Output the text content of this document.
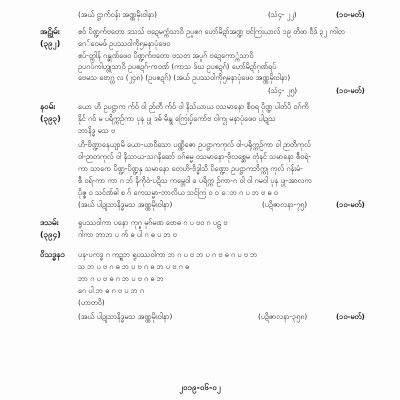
(အယ် ဋ္ဌာက်ဝန်း အဏ္ဏမိုးဝါနာ)	(သံ၄- ၂၂)	(၁၀-မတ်)
အဠိုမ်း
(၃၉၂)
ဧဝ် ပိဏ္ဍက်ဗတော ဒသသ် ဗဍေမက္ကံသာ၀ိ ဥပ္ပၜဂ ဟော်မိဍာ်အဏ္ဍ ဗၚ်ကြးယာလ် ၁၉ တိဖာ ဝဵဒ် ၃၂ ကါတ
ဂေ်၀ေမဖ် ဥပဿဝါကို၅မနာပုံဖေ၀
ဧပ်-တ္ကါန် ဂန္ဓုဏ်ဖေ၀ ပိဏ္ဍက်ဗတော ဗသတ အပူဂ် ဗဍေကော္ကံသာ၀ိ
ဥပဂပ်ကါဟွူသာဝိ ဥပၜဍဂ်-ဂာ၀ဏ် (ကာသ ဒ်ဃ ဥပၜဍဂ်) ဟော်မိဍာ်ဂုဏ်ရပ်
ဗေမသ ဗောဂ္ဃ လ (၂၄၈) (ဥပၜဍဂ်) (အယ် ဥပဿဝါကို၅မနာပုံဖေ၀ အဏ္ဏမိုးဝါနာ)
(သံ၄- ၂၅)	(၁၀-မတ်)
နဝမ်း
(၃၉၃)
ယော ဟိ ဥပဋ္ဌာက က်ဝ် ဝါ ဉာ်တီ က်ဝ် ဝါ နိသ်ယာယ ဝသမာနော စီဝရ ပိုဏ္ဍ ပါတ်ပိ ဝဂ်ကိ
နိုင် ဂဝ် မ ပရိက္ကဉ်ကာ ပုန ပ္ပု ဒဓ် မိန္ဒု ကြေးပၞ်ကော်ဗ ဝါကၠု မနာပုံဖေ၀ ပါဍုသ
ဘာနိဒ္ဓ မသ ဗ
ဟိ-ဗိဏ္ဍာနေယျာမိ ယော-ယာဝိသော ပဏ္ဏိဇော ဥပဋ္ဌာကကုလ် ဝါ-ပရိုက္ကဉ်ကာ ဝါ ဉာတိကုလ်
ဝါ-ဉာတကုလ် ဝါ နိသာယ-သဂနိဆော် ဝဂ်ဓမ္မ ဝသမာနော-ဗိုလစ္ဆေမ တုံနင် သမာနော စီဝရဲ-
ကာ သာဂော ပိဏ္ဍ-ပိဏ္ဍနု သမာနော တေဟိ-ဗိဒ္ဓါသိ ပိဏ္ဍော ဥပဋ္ဌာကဘိက္ကု ကုလ် ဂန်းမံ-
စီ ဝရ်-ကာ ကာ ဂ ဘ် နိကိုဝဲ-ပဍိသ ကမ္ဘေဝါ ခ ပရိက္က ဉ်ကာ-ဂ ဝါ ဝါ ဂမဝါ ပုန ပ္ပု-အာလက
ပိုဇ္ဇ ဝ သင်ဏ်ဓါ စ ဂ် ကေသမ္မာ-ဘာလိယ သင်ကြ ဝ ဝ ေဘ ဂ ပ ဘ ဗ ဓ ဝ
(အယ် ပါဍုသာနိဒ္ဓမသ အဏ္ဏမိုးဝါနာ)	(ပဍိဇာလနာ-၇၅)	(၁၀-မတ်)
ဒသမ်း
(၃၉၄)
ရူပဿဝါကာ ပနော ကုဂ္ဍ္ဍ မုဂ်မဏ ဗောဓ ဂ ပ ဗဝ ဂ ပဠ ဗ
ဂါကာ ဘာဘ ပ က် ဓ ပါ ဂ ဓ ပ ဘ ဗ
ဝိသဒ္ဓန၁ ပန-ပကဒ္ဓ ဂ ကဍ္ဍဘ ရူပဿဝါကာ ဘ ဂ ပ ဗ ဘ ပ ဂ ဗ ဓ ဂ ပ ဗ ဘ
သ ဘ ပ ဗ ဂ ဓ ဘ ပ ဗ ဂ ဓ ဘ ပ ဗ ဂ ဓ
ဘာ ဂ ပ ဗ ဓ ဂ ဘ ပ ဗ ဂ ဓ ဘ
ဂေ ပါ ဘ ဓ ဂ ဗ ပ ဘ ဂ
(ဟာတဝိ)
(အယ် ပါဍုသာနိဒ္ဓမသ အဏ္ဏမိုးဝါနာ)	(ပဍိဇာလနာ-၃၅၈)	(၁၀-မတ်)
၂၀၁၉-၀၆-၀၂
